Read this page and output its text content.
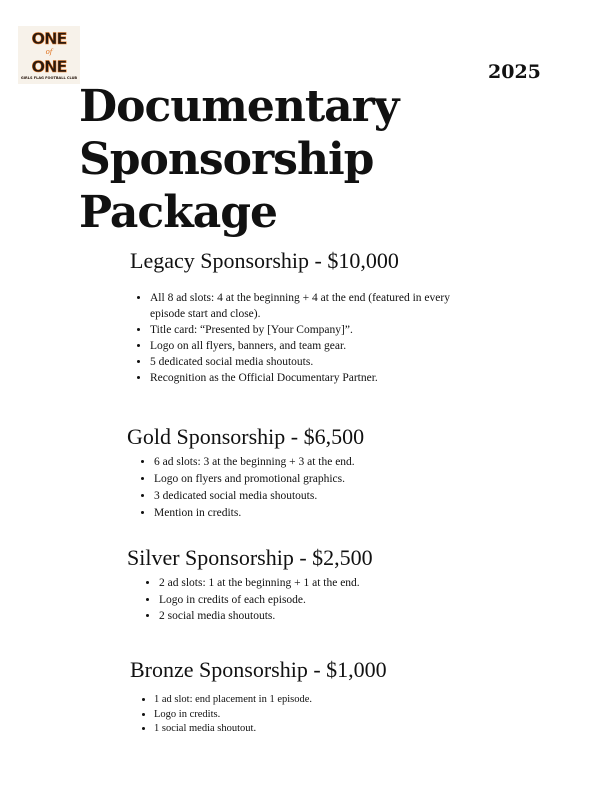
ONE
of
ONE
GIRLS FLAG FOOTBALL CLUB	2025
Documentary
Sponsorship
Package
Legacy Sponsorship - $10,000
• All 8 ad slots: 4 at the beginning + 4 at the end (featured in every episode start and close).
• Title card: “Presented by [Your Company]”.
• Logo on all flyers, banners, and team gear.
• 5 dedicated social media shoutouts.
• Recognition as the Official Documentary Partner.
Gold Sponsorship - $6,500
• 6 ad slots: 3 at the beginning + 3 at the end.
• Logo on flyers and promotional graphics.
• 3 dedicated social media shoutouts.
• Mention in credits.
Silver Sponsorship - $2,500
• 2 ad slots: 1 at the beginning + 1 at the end.
• Logo in credits of each episode.
• 2 social media shoutouts.
Bronze Sponsorship - $1,000
• 1 ad slot: end placement in 1 episode.
• Logo in credits.
• 1 social media shoutout.
